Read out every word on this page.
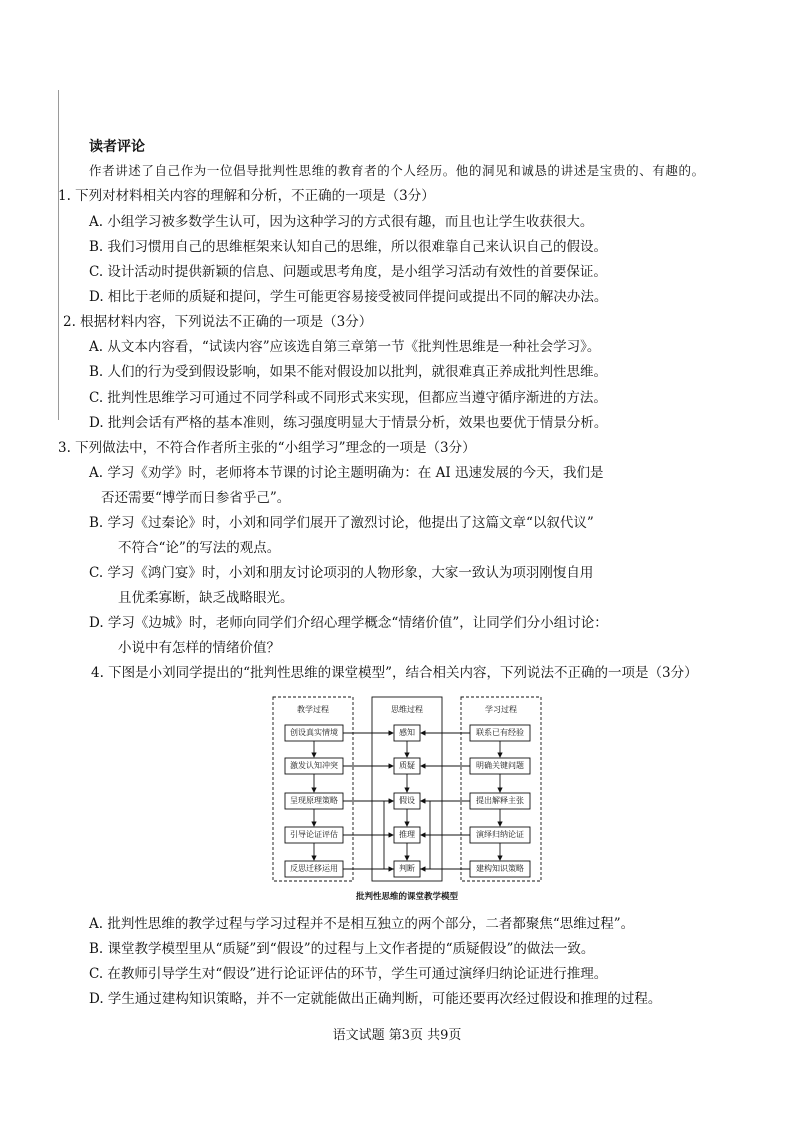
读者评论
作者讲述了自己作为一位倡导批判性思维的教育者的个人经历。他的洞见和诚恳的讲述是宝贵的、有趣的。
1. 下列对材料相关内容的理解和分析，不正确的一项是（3分）
A. 小组学习被多数学生认可，因为这种学习的方式很有趣，而且也让学生收获很大。
B. 我们习惯用自己的思维框架来认知自己的思维，所以很难靠自己来认识自己的假设。
C. 设计活动时提供新颖的信息、问题或思考角度，是小组学习活动有效性的首要保证。
D. 相比于老师的质疑和提问，学生可能更容易接受被同伴提问或提出不同的解决办法。
2. 根据材料内容，下列说法不正确的一项是（3分）
A. 从文本内容看，“试读内容”应该选自第三章第一节《批判性思维是一种社会学习》。
B. 人们的行为受到假设影响，如果不能对假设加以批判，就很难真正养成批判性思维。
C. 批判性思维学习可通过不同学科或不同形式来实现，但都应当遵守循序渐进的方法。
D. 批判会话有严格的基本准则，练习强度明显大于情景分析，效果也要优于情景分析。
3. 下列做法中，不符合作者所主张的“小组学习”理念的一项是（3分）
A. 学习《劝学》时，老师将本节课的讨论主题明确为：在 AI 迅速发展的今天，我们是
否还需要“博学而日参省乎己”。
B. 学习《过秦论》时，小刘和同学们展开了激烈讨论，他提出了这篇文章“以叙代议”
不符合“论”的写法的观点。
C. 学习《鸿门宴》时，小刘和朋友讨论项羽的人物形象，大家一致认为项羽刚愎自用
且优柔寡断，缺乏战略眼光。
D. 学习《边城》时，老师向同学们介绍心理学概念“情绪价值”，让同学们分小组讨论：
小说中有怎样的情绪价值？
4. 下图是小刘同学提出的“批判性思维的课堂模型”，结合相关内容，下列说法不正确的一项是（3分）
教学过程	思维过程	学习过程
创设真实情境
激发认知冲突
呈现原理策略
引导论证评估
反思迁移运用
感知
质疑
假设
推理
判断
联系已有经验
明确关键问题
提出解释主张
演绎归纳论证
建构知识策略
批判性思维的课堂教学模型
A. 批判性思维的教学过程与学习过程并不是相互独立的两个部分，二者都聚焦“思维过程”。
B. 课堂教学模型里从“质疑”到“假设”的过程与上文作者提的“质疑假设”的做法一致。
C. 在教师引导学生对“假设”进行论证评估的环节，学生可通过演绎归纳论证进行推理。
D. 学生通过建构知识策略，并不一定就能做出正确判断，可能还要再次经过假设和推理的过程。
语文试题 第3页 共9页
